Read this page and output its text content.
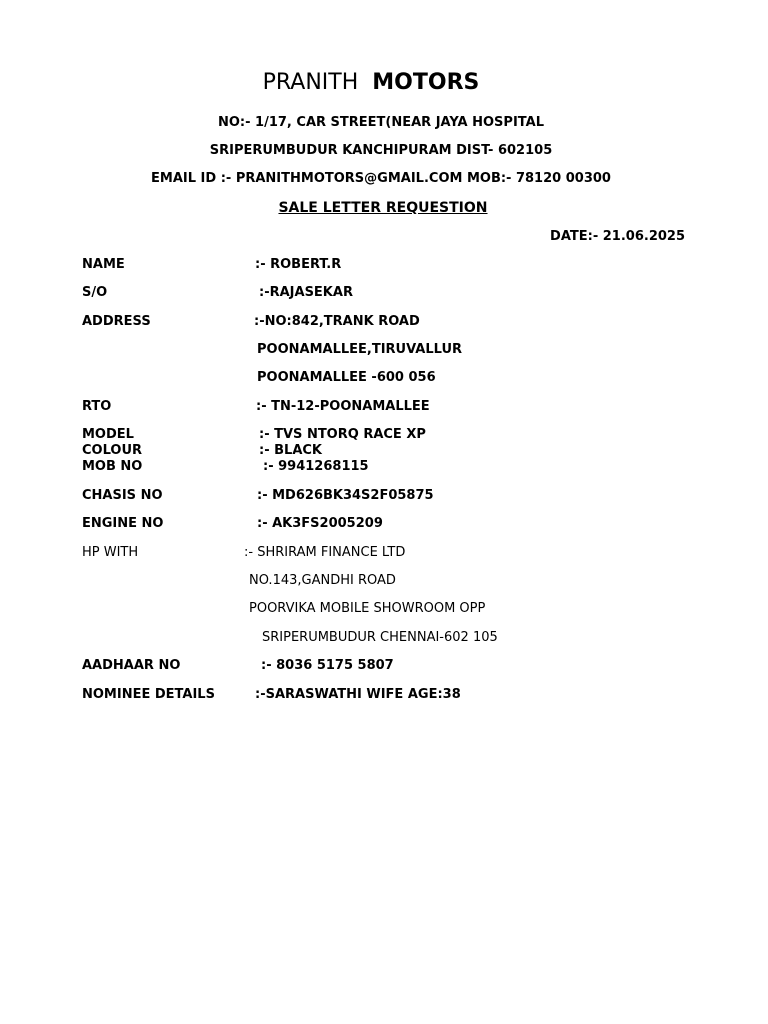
PRANITH MOTORS
NO:- 1/17, CAR STREET(NEAR JAYA HOSPITAL
SRIPERUMBUDUR KANCHIPURAM DIST- 602105
EMAIL ID :- PRANITHMOTORS@GMAIL.COM MOB:- 78120 00300
SALE LETTER REQUESTION
DATE:- 21.06.2025
NAME	:- ROBERT.R
S/O	:-RAJASEKAR
ADDRESS	:-NO:842,TRANK ROAD
POONAMALLEE,TIRUVALLUR
POONAMALLEE -600 056
RTO	:- TN-12-POONAMALLEE
MODEL	:- TVS NTORQ RACE XP
COLOUR	:- BLACK
MOB NO	:- 9941268115
CHASIS NO	:- MD626BK34S2F05875
ENGINE NO	:- AK3FS2005209
HP WITH	:- SHRIRAM FINANCE LTD
NO.143,GANDHI ROAD
POORVIKA MOBILE SHOWROOM OPP
SRIPERUMBUDUR CHENNAI-602 105
AADHAAR NO	:- 8036 5175 5807
NOMINEE DETAILS	:-SARASWATHI WIFE AGE:38
